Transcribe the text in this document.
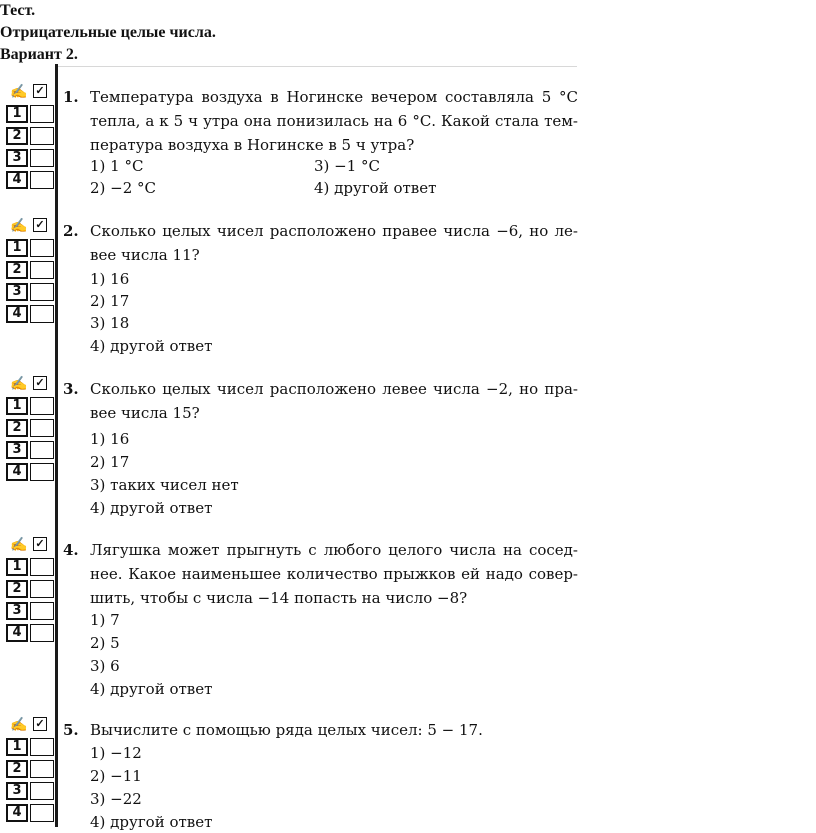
Тест.
Отрицательные целые числа.
Вариант 2.
✍ ✓
1
2
3
4
1. Температура воздуха в Ногинске вечером составляла 5 °С
тепла, а к 5 ч утра она понизилась на 6 °С. Какой стала тем-
пература воздуха в Ногинске в 5 ч утра?
1) 1 °С	3) −1 °С
2) −2 °С	4) другой ответ
✍ ✓
1
2
3
4
2. Сколько целых чисел расположено правее числа −6, но ле-
вее числа 11?
1) 16
2) 17
3) 18
4) другой ответ
✍ ✓
1
2
3
4
3. Сколько целых чисел расположено левее числа −2, но пра-
вее числа 15?
1) 16
2) 17
3) таких чисел нет
4) другой ответ
✍ ✓
1
2
3
4
4. Лягушка может прыгнуть с любого целого числа на сосед-
нее. Какое наименьшее количество прыжков ей надо совер-
шить, чтобы с числа −14 попасть на число −8?
1) 7
2) 5
3) 6
4) другой ответ
✍ ✓
1
2
3
4
5. Вычислите с помощью ряда целых чисел: 5 − 17.
1) −12
2) −11
3) −22
4) другой ответ
